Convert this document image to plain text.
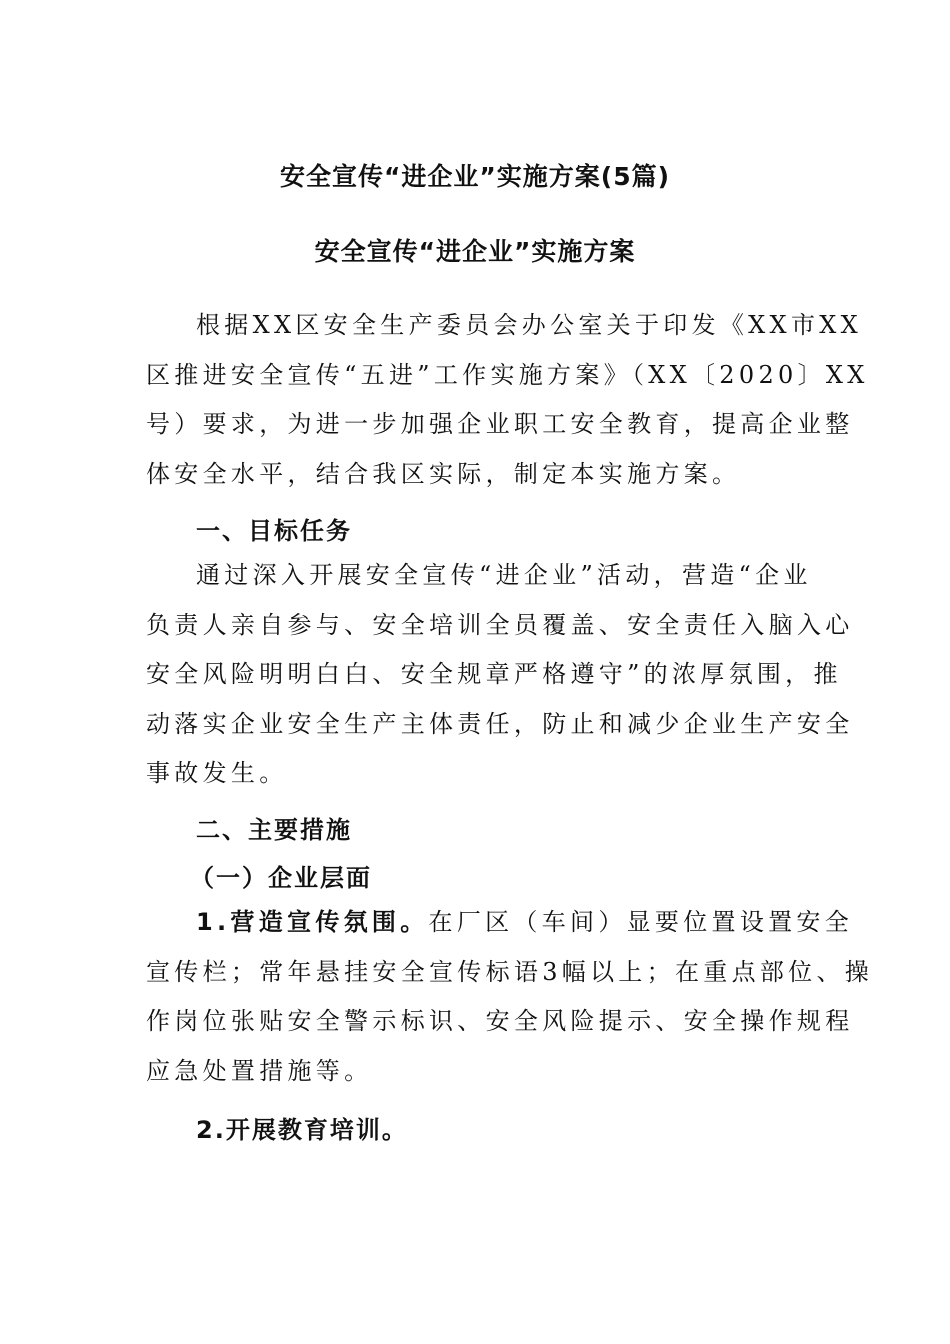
安全宣传“进企业”实施方案(5篇)
安全宣传“进企业”实施方案
根据XX区安全生产委员会办公室关于印发《XX市XX
区推进安全宣传“五进”工作实施方案》（XX〔2020〕XX
号）要求，为进一步加强企业职工安全教育，提高企业整
体安全水平，结合我区实际，制定本实施方案。
一、目标任务
通过深入开展安全宣传“进企业”活动，营造“企业
负责人亲自参与、安全培训全员覆盖、安全责任入脑入心
安全风险明明白白、安全规章严格遵守”的浓厚氛围，推
动落实企业安全生产主体责任，防止和减少企业生产安全
事故发生。
二、主要措施
（一）企业层面
1.营造宣传氛围。在厂区（车间）显要位置设置安全
宣传栏；常年悬挂安全宣传标语3幅以上；在重点部位、操
作岗位张贴安全警示标识、安全风险提示、安全操作规程
应急处置措施等。
2.开展教育培训。
